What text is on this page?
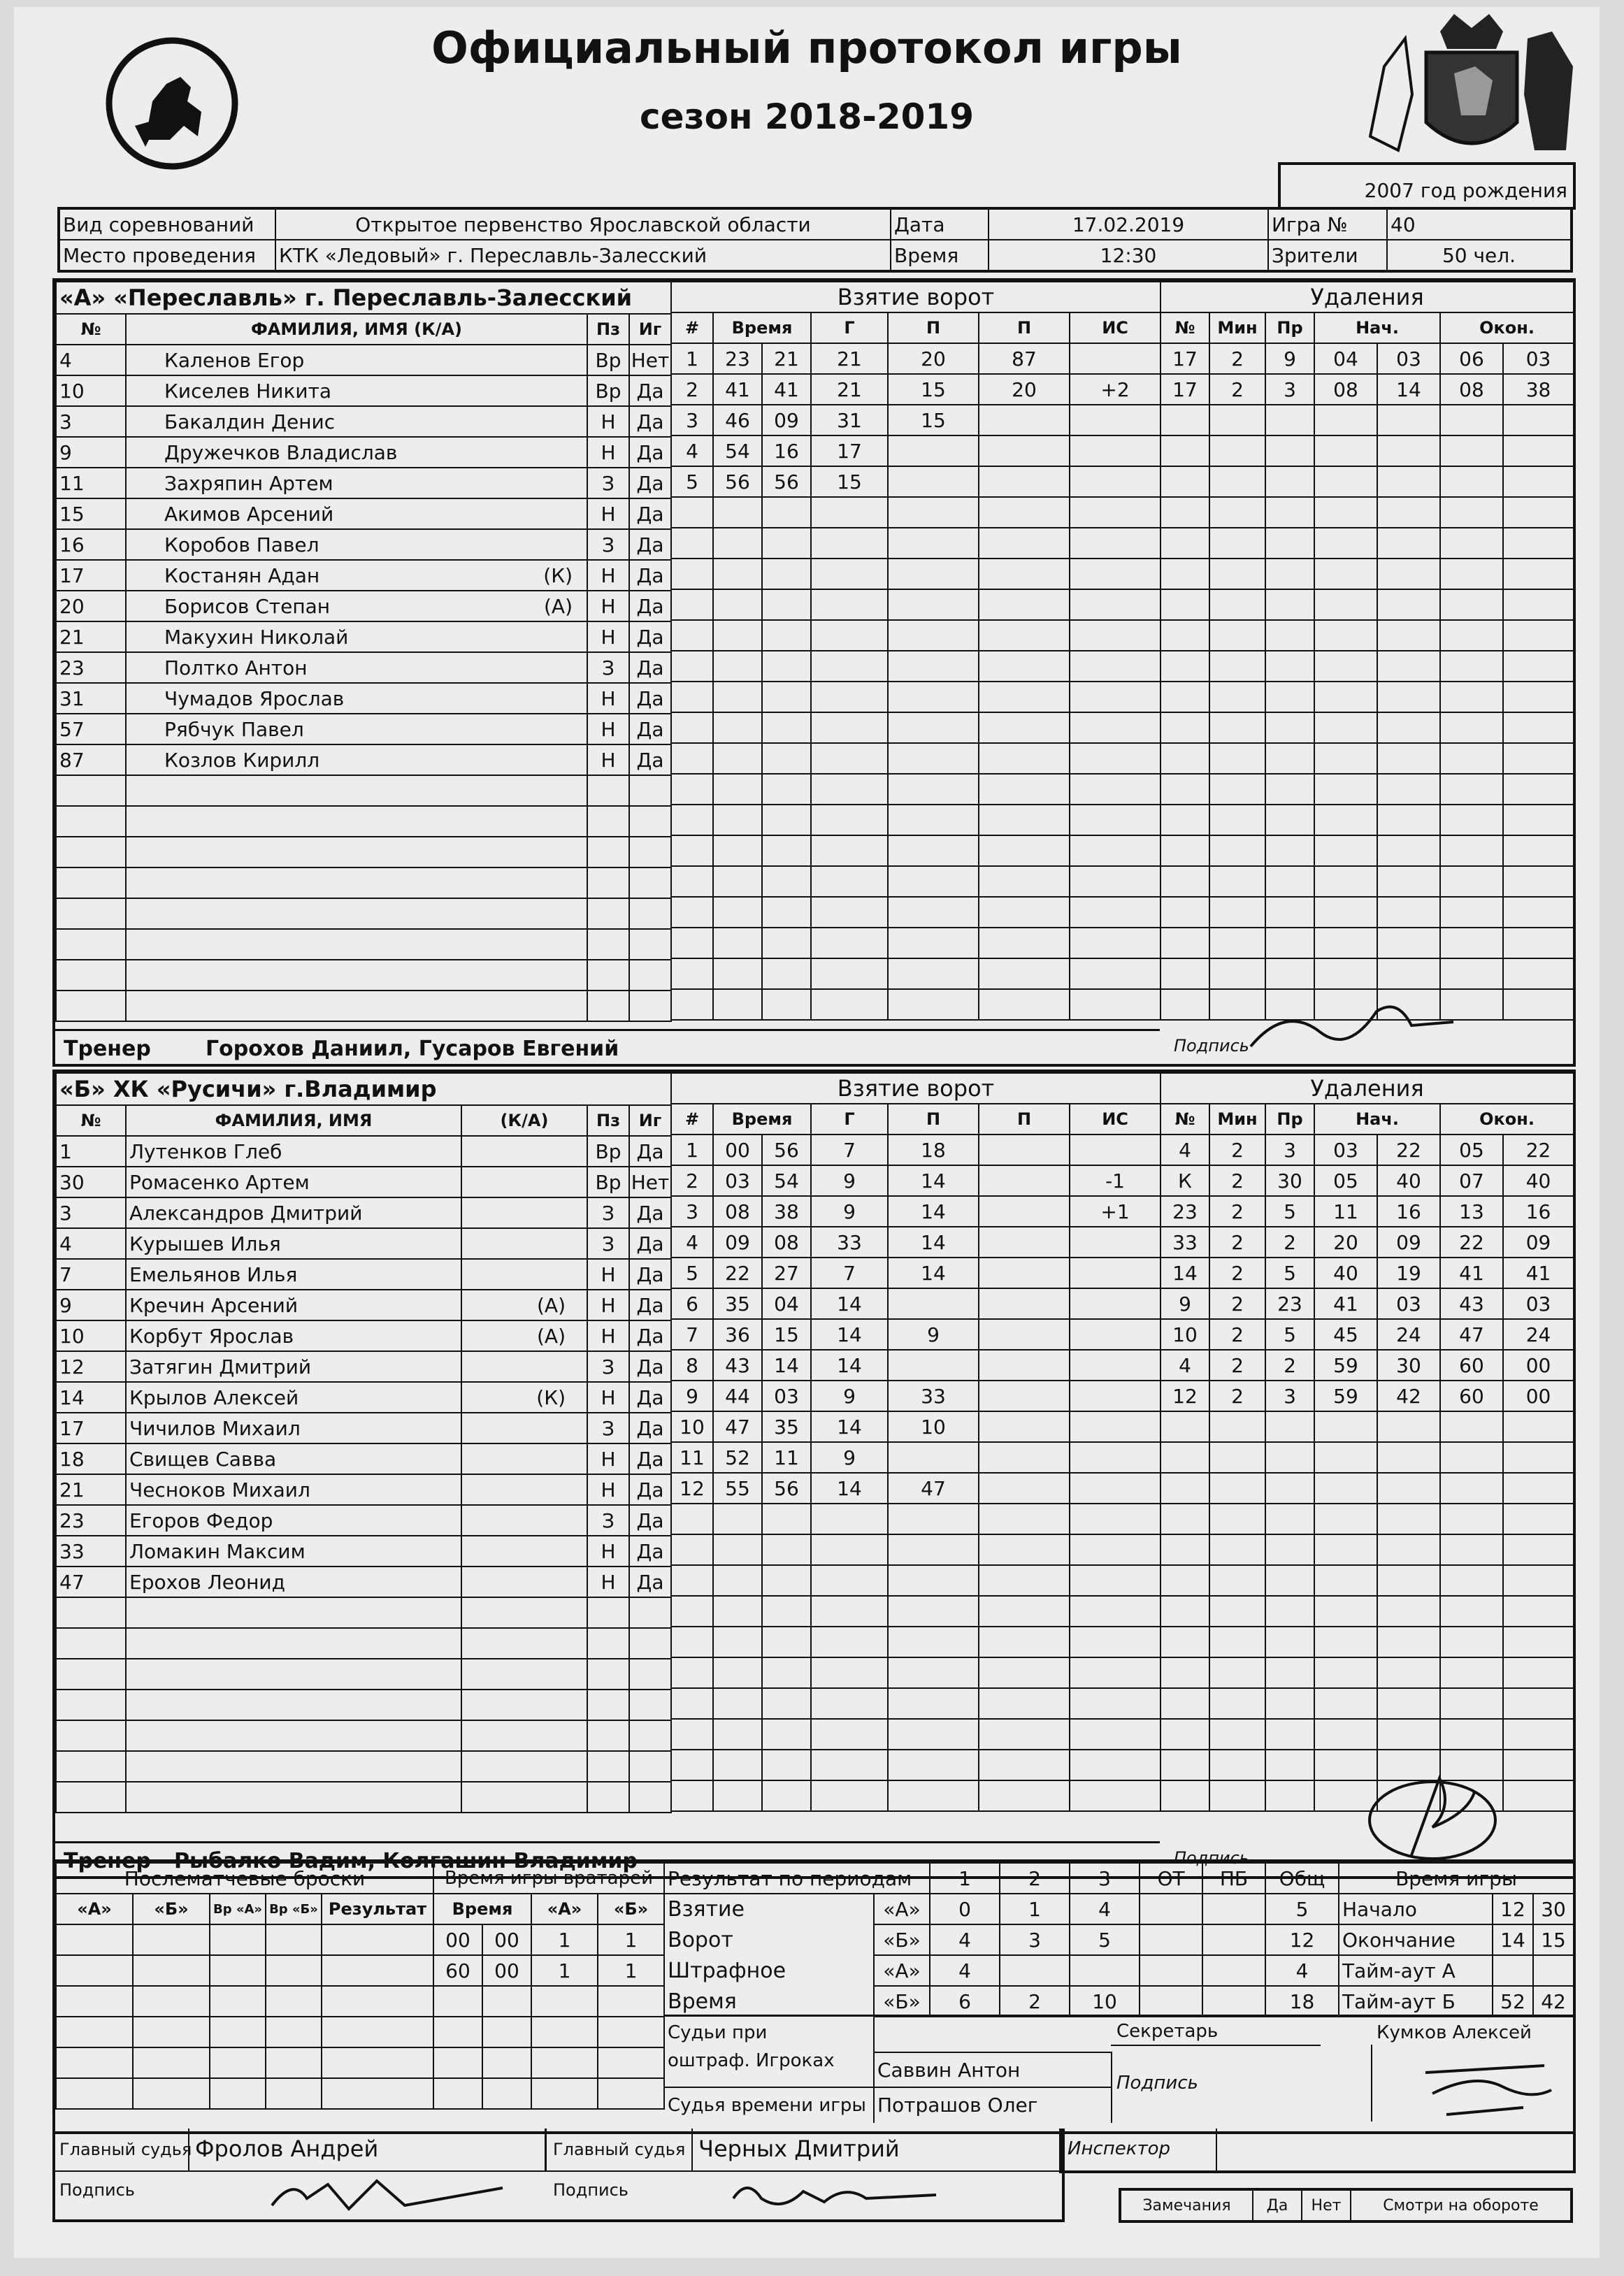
Официальный протокол игры
сезон 2018-2019
2007 год рождения
Вид соревнований	Открытое первенство Ярославской области	Дата	17.02.2019	Игра №	40
Место проведения	КТК «Ледовый» г. Переславль-Залесский	Время	12:30	Зрители	50 чел.
«А» «Переславль» г. Переславль-Залесский			
№	ФАМИЛИЯ, ИМЯ (К/А)	Пз	Иг
4	Каленов Егор	Вр	Нет
10	Киселев Никита	Вр	Да
3	Бакалдин Денис	Н	Да
9	Дружечков Владислав	Н	Да
11	Захряпин Артем	З	Да
15	Акимов Арсений	Н	Да
16	Коробов Павел	З	Да
17	Костанян Адан (К)	Н	Да
20	Борисов Степан (А)	Н	Да
21	Макухин Николай	Н	Да
23	Полтко Антон	З	Да
31	Чумадов Ярослав	Н	Да
57	Рябчук Павел	Н	Да
87	Козлов Кирилл	Н	Да

Взятие ворот						
#	Время		Г	П	П	ИС
1	23	21	21	20	87	
2	41	41	21	15	20	+2
3	46	09	31	15		
4	54	16	17			
5	56	56	15			

Удаления						
№	Мин	Пр	Нач.		Окон.	
17	2	9	04	03	06	03
17	2	3	08	14	08	38

Тренер	Горохов Даниил, Гусаров Евгений	Подпись
«Б» ХК «Русичи» г.Владимир				
№	ФАМИЛИЯ, ИМЯ	(К/А)	Пз	Иг
1	Лутенков Глеб		Вр	Да
30	Ромасенко Артем		Вр	Нет
3	Александров Дмитрий		З	Да
4	Курышев Илья		З	Да
7	Емельянов Илья		Н	Да
9	Кречин Арсений	(А)	Н	Да
10	Корбут Ярослав	(А)	Н	Да
12	Затягин Дмитрий		З	Да
14	Крылов Алексей	(К)	Н	Да
17	Чичилов Михаил		З	Да
18	Свищев Савва		Н	Да
21	Чесноков Михаил		Н	Да
23	Егоров Федор		З	Да
33	Ломакин Максим		Н	Да
47	Ерохов Леонид		Н	Да

Взятие ворот						
#	Время		Г	П	П	ИС
1	00	56	7	18		
2	03	54	9	14		-1
3	08	38	9	14		+1
4	09	08	33	14		
5	22	27	7	14		
6	35	04	14			
7	36	15	14	9		
8	43	14	14			
9	44	03	9	33		
10	47	35	14	10		
11	52	11	9			
12	55	56	14	47		

Удаления						
№	Мин	Пр	Нач.		Окон.	
4	2	3	03	22	05	22
К	2	30	05	40	07	40
23	2	5	11	16	13	16
33	2	2	20	09	22	09
14	2	5	40	19	41	41
9	2	23	41	03	43	03
10	2	5	45	24	47	24
4	2	2	59	30	60	00
12	2	3	59	42	60	00

Тренер Рыбалко Вадим, Колгашин Владимир	Подпись
Послематчевые броски				
«А»	«Б»	Вр «А»	Вр «Б»	Результат

Время игры вратарей			
Время		«А»	«Б»
00	00	1	1
60	00	1	1

Результат по периодам		1	2	3	ОТ	ПБ	Общ
Взятие	«А»	0	1	4			5
Ворот	«Б»	4	3	5			12
Штрафное	«А»	4					4
Время	«Б»	6	2	10			18
Время игры		
Начало	12	30
Окончание	14	15
Тайм-аут А		
Тайм-аут Б	52	42
Судьи при
оштраф. Игроках Саввин Антон
Судья времени игры Потрашов Олег
Секретарь	Кумков Алексей
Подпись
Главный судья Фролов Андрей
Подпись
Главный судья Черных Дмитрий
Подпись
Инспектор
Замечания	Да	Нет	Смотри на обороте
